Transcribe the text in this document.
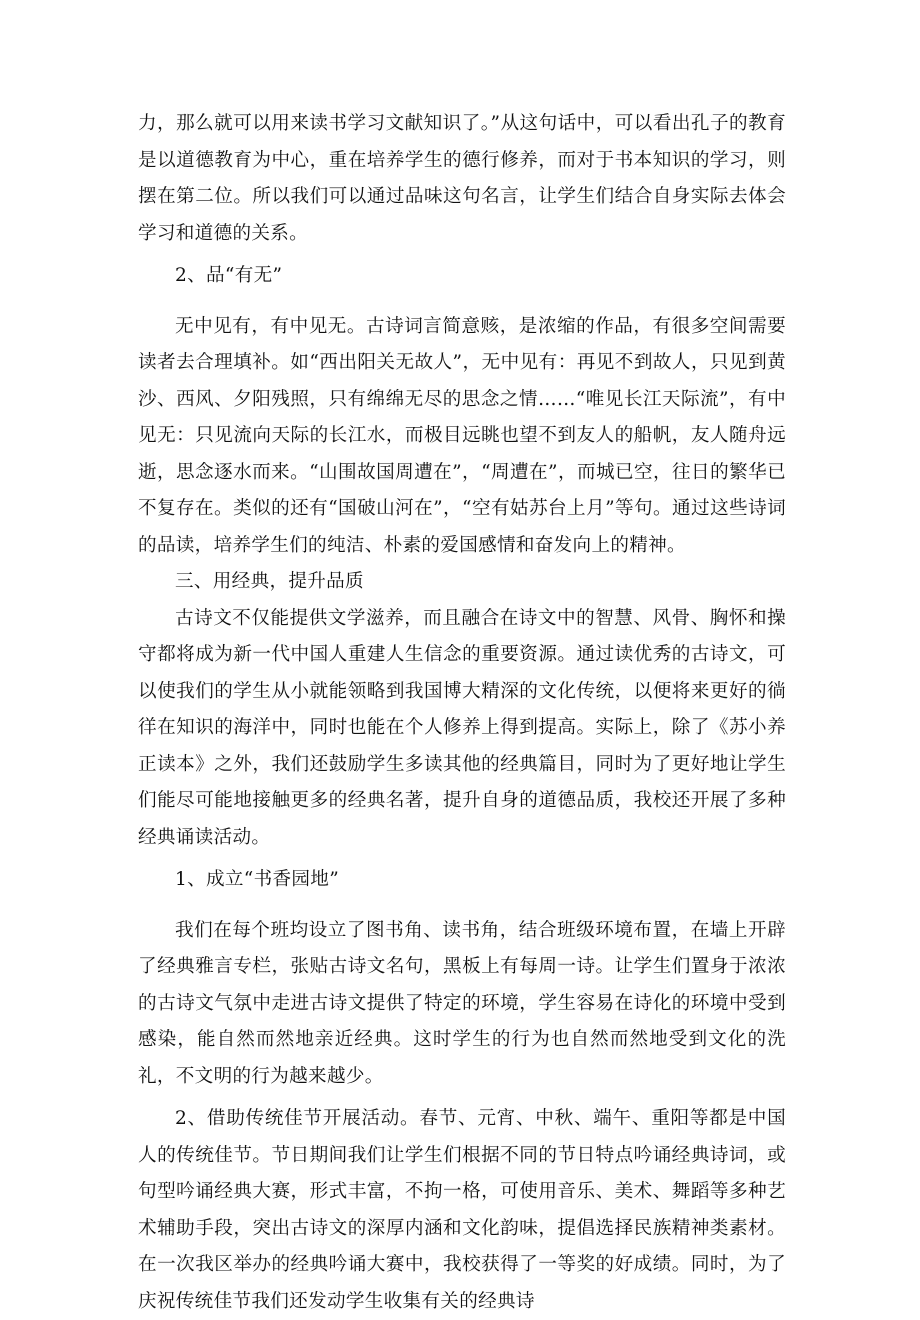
力，那么就可以用来读书学习文献知识了。”从这句话中，可以看出孔子的教育是以道德教育为中心，重在培养学生的德行修养，而对于书本知识的学习，则摆在第二位。所以我们可以通过品味这句名言，让学生们结合自身实际去体会学习和道德的关系。

2、品“有无”

无中见有，有中见无。古诗词言简意赅，是浓缩的作品，有很多空间需要读者去合理填补。如“西出阳关无故人”，无中见有：再见不到故人，只见到黄沙、西风、夕阳残照，只有绵绵无尽的思念之情……“唯见长江天际流”，有中见无：只见流向天际的长江水，而极目远眺也望不到友人的船帆，友人随舟远逝，思念逐水而来。“山围故国周遭在”，“周遭在”，而城已空，往日的繁华已不复存在。类似的还有“国破山河在”，“空有姑苏台上月”等句。通过这些诗词的品读，培养学生们的纯洁、朴素的爱国感情和奋发向上的精神。

三、用经典，提升品质

古诗文不仅能提供文学滋养，而且融合在诗文中的智慧、风骨、胸怀和操守都将成为新一代中国人重建人生信念的重要资源。通过读优秀的古诗文，可以使我们的学生从小就能领略到我国博大精深的文化传统，以便将来更好的徜徉在知识的海洋中，同时也能在个人修养上得到提高。实际上，除了《苏小养正读本》之外，我们还鼓励学生多读其他的经典篇目，同时为了更好地让学生们能尽可能地接触更多的经典名著，提升自身的道德品质，我校还开展了多种经典诵读活动。

1、成立“书香园地”

我们在每个班均设立了图书角、读书角，结合班级环境布置，在墙上开辟了经典雅言专栏，张贴古诗文名句，黑板上有每周一诗。让学生们置身于浓浓的古诗文气氛中走进古诗文提供了特定的环境，学生容易在诗化的环境中受到感染，能自然而然地亲近经典。这时学生的行为也自然而然地受到文化的洗礼，不文明的行为越来越少。

2、借助传统佳节开展活动。春节、元宵、中秋、端午、重阳等都是中国人的传统佳节。节日期间我们让学生们根据不同的节日特点吟诵经典诗词，或句型吟诵经典大赛，形式丰富，不拘一格，可使用音乐、美术、舞蹈等多种艺术辅助手段，突出古诗文的深厚内涵和文化韵味，提倡选择民族精神类素材。在一次我区举办的经典吟诵大赛中，我校获得了一等奖的好成绩。同时，为了庆祝传统佳节我们还发动学生收集有关的经典诗
